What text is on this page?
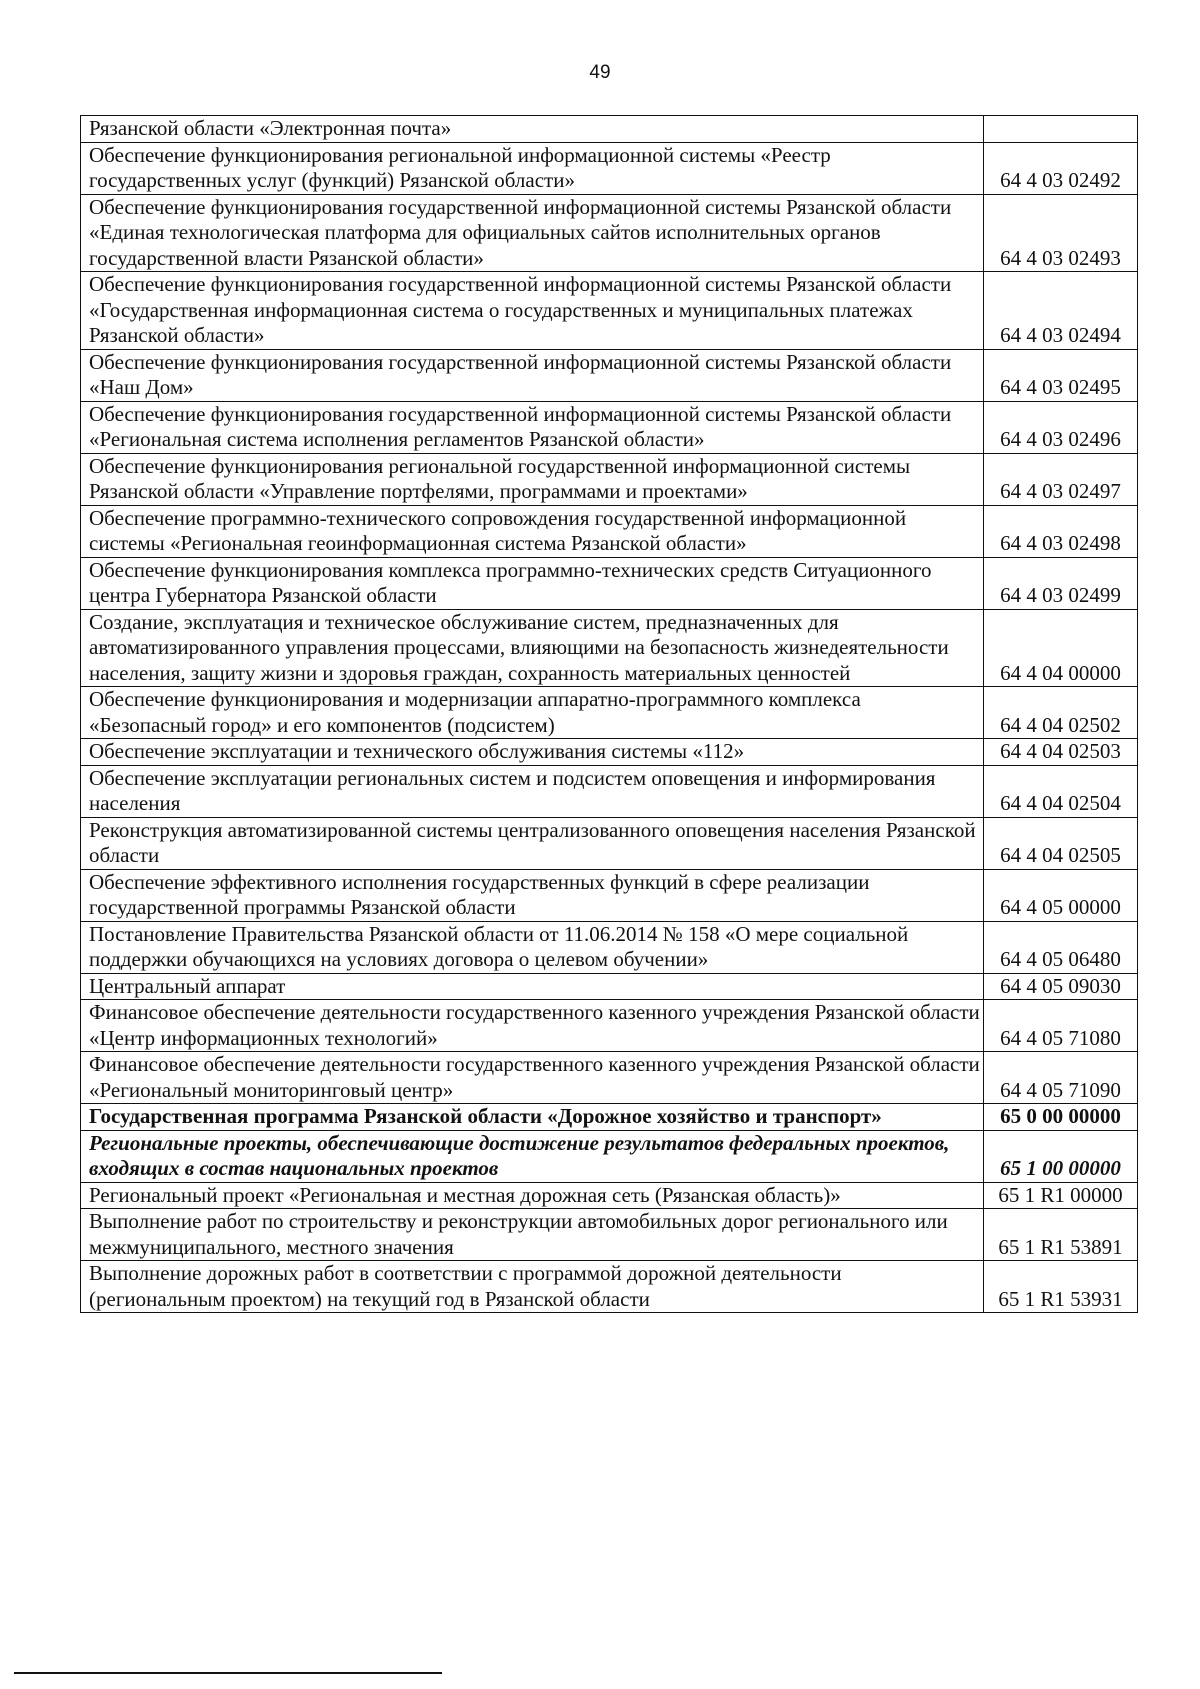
49
Рязанской области «Электронная почта»	
Обеспечение функционирования региональной информационной системы «Реестр государственных услуг (функций) Рязанской области»	64 4 03 02492
Обеспечение функционирования государственной информационной системы Рязанской области «Единая технологическая платформа для официальных сайтов исполнительных органов государственной власти Рязанской области»	64 4 03 02493
Обеспечение функционирования государственной информационной системы Рязанской области «Государственная информационная система о государственных и муниципальных платежах Рязанской области»	64 4 03 02494
Обеспечение функционирования государственной информационной системы Рязанской области «Наш Дом»	64 4 03 02495
Обеспечение функционирования государственной информационной системы Рязанской области «Региональная система исполнения регламентов Рязанской области»	64 4 03 02496
Обеспечение функционирования региональной государственной информационной системы Рязанской области «Управление портфелями, программами и проектами»	64 4 03 02497
Обеспечение программно-технического сопровождения государственной информационной системы «Региональная геоинформационная система Рязанской области»	64 4 03 02498
Обеспечение функционирования комплекса программно-технических средств Ситуационного центра Губернатора Рязанской области	64 4 03 02499
Создание, эксплуатация и техническое обслуживание систем, предназначенных для автоматизированного управления процессами, влияющими на безопасность жизнедеятельности населения, защиту жизни и здоровья граждан, сохранность материальных ценностей	64 4 04 00000
Обеспечение функционирования и модернизации аппаратно-программного комплекса «Безопасный город» и его компонентов (подсистем)	64 4 04 02502
Обеспечение эксплуатации и технического обслуживания системы «112»	64 4 04 02503
Обеспечение эксплуатации региональных систем и подсистем оповещения и информирования населения	64 4 04 02504
Реконструкция автоматизированной системы централизованного оповещения населения Рязанской области	64 4 04 02505
Обеспечение эффективного исполнения государственных функций в сфере реализации государственной программы Рязанской области	64 4 05 00000
Постановление Правительства Рязанской области от 11.06.2014 № 158 «О мере социальной поддержки обучающихся на условиях договора о целевом обучении»	64 4 05 06480
Центральный аппарат	64 4 05 09030
Финансовое обеспечение деятельности государственного казенного учреждения Рязанской области «Центр информационных технологий»	64 4 05 71080
Финансовое обеспечение деятельности государственного казенного учреждения Рязанской области «Региональный мониторинговый центр»	64 4 05 71090
Государственная программа Рязанской области «Дорожное хозяйство и транспорт»	65 0 00 00000
Региональные проекты, обеспечивающие достижение результатов федеральных проектов, входящих в состав национальных проектов	65 1 00 00000
Региональный проект «Региональная и местная дорожная сеть (Рязанская область)»	65 1 R1 00000
Выполнение работ по строительству и реконструкции автомобильных дорог регионального или межмуниципального, местного значения	65 1 R1 53891
Выполнение дорожных работ в соответствии с программой дорожной деятельности (региональным проектом) на текущий год в Рязанской области	65 1 R1 53931
